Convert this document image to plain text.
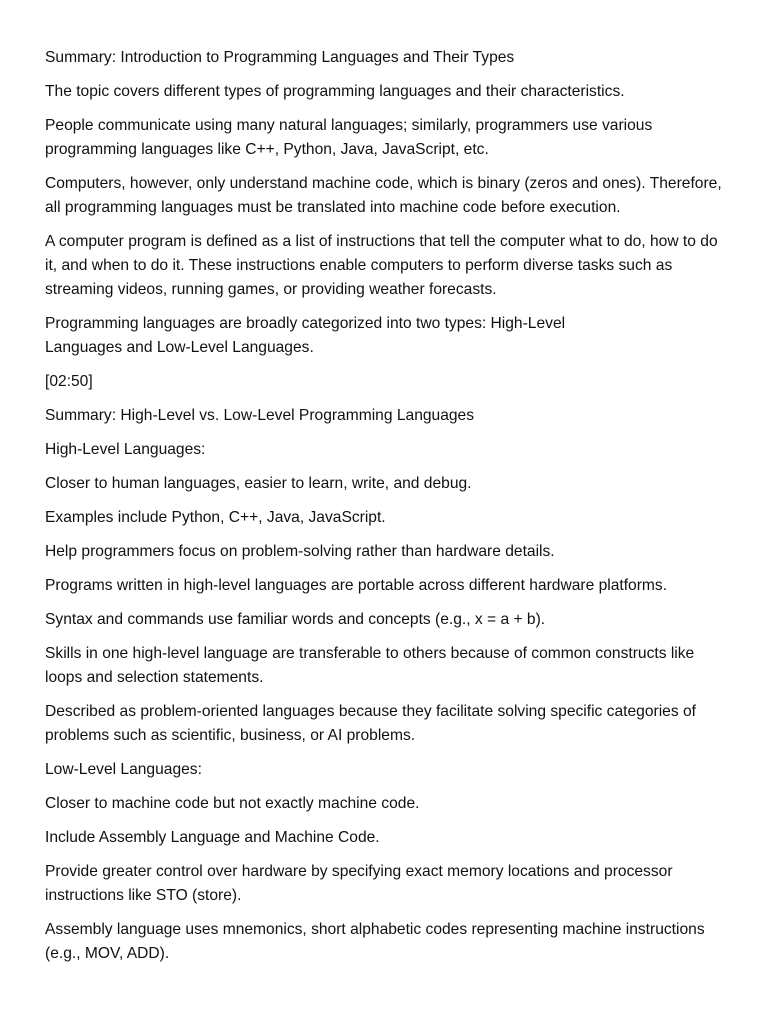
Summary: Introduction to Programming Languages and Their Types

The topic covers different types of programming languages and their characteristics.

People communicate using many natural languages; similarly, programmers use various programming languages like C++, Python, Java, JavaScript, etc.

Computers, however, only understand machine code, which is binary (zeros and ones). Therefore, all programming languages must be translated into machine code before execution.

A computer program is defined as a list of instructions that tell the computer what to do, how to do it, and when to do it. These instructions enable computers to perform diverse tasks such as streaming videos, running games, or providing weather forecasts.

Programming languages are broadly categorized into two types: High-Level
Languages and Low-Level Languages.

[02:50]

Summary: High-Level vs. Low-Level Programming Languages

High-Level Languages:

Closer to human languages, easier to learn, write, and debug.

Examples include Python, C++, Java, JavaScript.

Help programmers focus on problem-solving rather than hardware details.

Programs written in high-level languages are portable across different hardware platforms.

Syntax and commands use familiar words and concepts (e.g., x = a + b).

Skills in one high-level language are transferable to others because of common constructs like loops and selection statements.

Described as problem-oriented languages because they facilitate solving specific categories of problems such as scientific, business, or AI problems.

Low-Level Languages:

Closer to machine code but not exactly machine code.

Include Assembly Language and Machine Code.

Provide greater control over hardware by specifying exact memory locations and processor instructions like STO (store).

Assembly language uses mnemonics, short alphabetic codes representing machine instructions (e.g., MOV, ADD).
